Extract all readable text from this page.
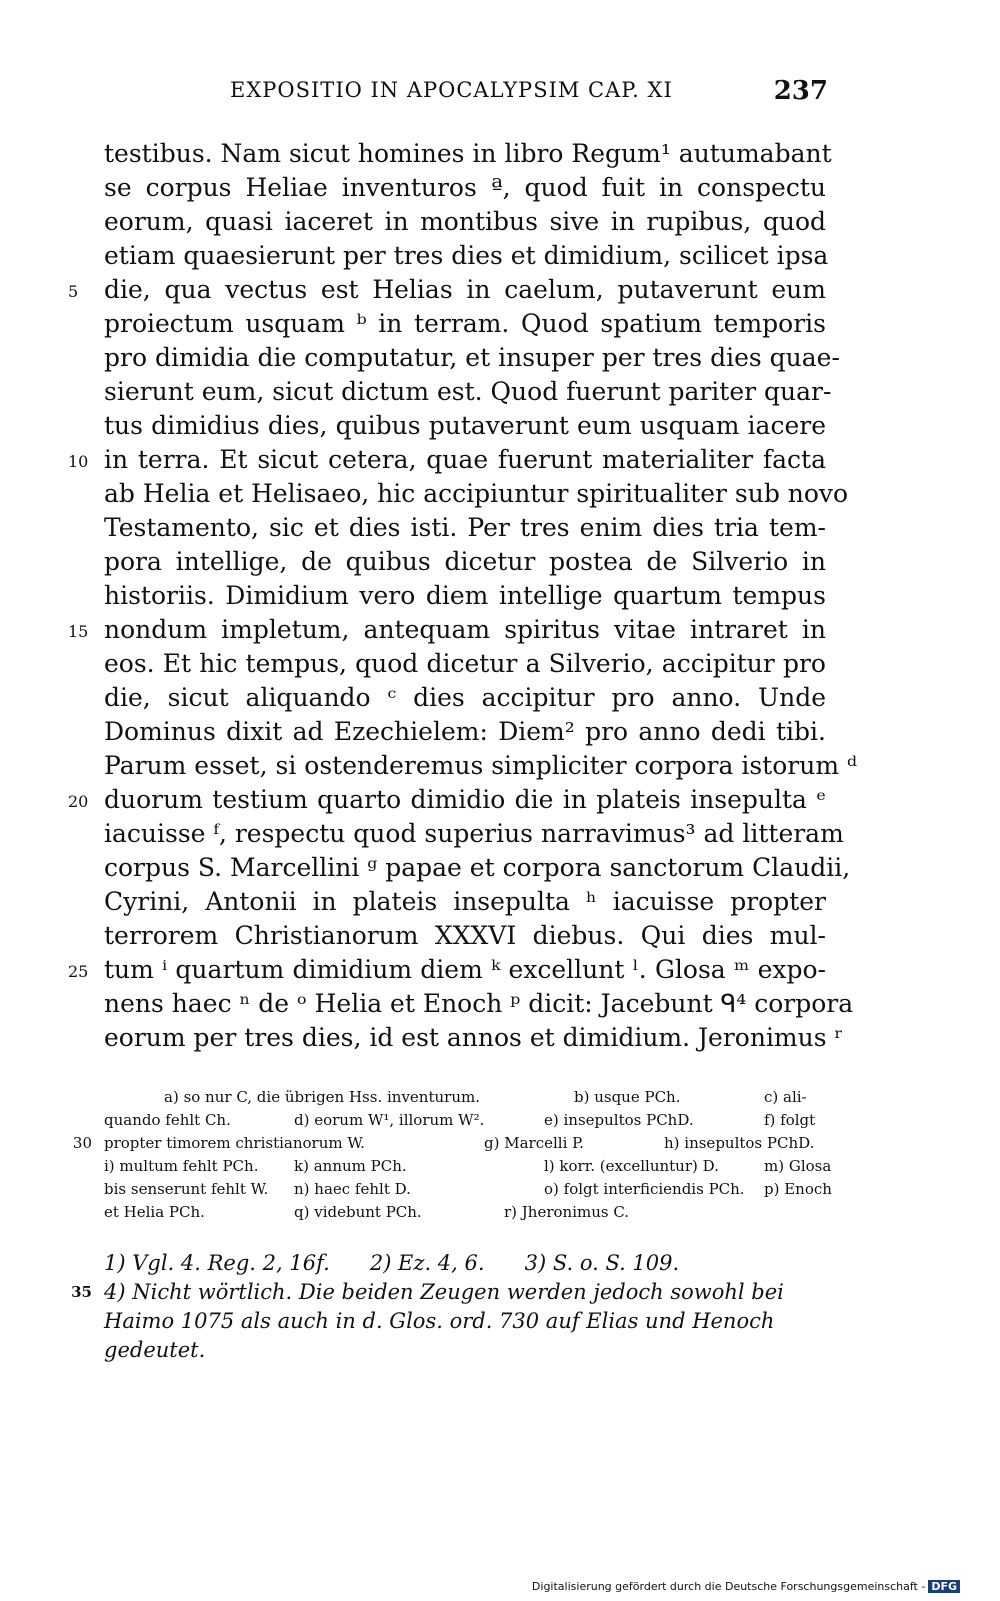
EXPOSITIO IN APOCALYPSIM CAP. XI	237
testibus. Nam sicut homines in libro Regum¹ autumabant
se corpus Heliae inventuros ª, quod fuit in conspectu
eorum, quasi iaceret in montibus sive in rupibus, quod
etiam quaesierunt per tres dies et dimidium, scilicet ipsa
5	die, qua vectus est Helias in caelum, putaverunt eum
proiectum usquam ᵇ in terram. Quod spatium temporis
pro dimidia die computatur, et insuper per tres dies quae-
sierunt eum, sicut dictum est. Quod fuerunt pariter quar-
tus dimidius dies, quibus putaverunt eum usquam iacere
10 in terra. Et sicut cetera, quae fuerunt materialiter facta
ab Helia et Helisaeo, hic accipiuntur spiritualiter sub novo
Testamento, sic et dies isti. Per tres enim dies tria tem-
pora intellige, de quibus dicetur postea de Silverio in
historiis. Dimidium vero diem intellige quartum tempus
15 nondum impletum, antequam spiritus vitae intraret in
eos. Et hic tempus, quod dicetur a Silverio, accipitur pro
die, sicut aliquando ᶜ dies accipitur pro anno. Unde
Dominus dixit ad Ezechielem: Diem² pro anno dedi tibi.
Parum esset, si ostenderemus simpliciter corpora istorum ᵈ
20 duorum testium quarto dimidio die in plateis insepulta ᵉ
iacuisse ᶠ, respectu quod superius narravimus³ ad litteram
corpus S. Marcellini ᵍ papae et corpora sanctorum Claudii,
Cyrini, Antonii in plateis insepulta ʰ iacuisse propter
terrorem Christianorum XXXVI diebus. Qui dies mul-
25 tum ⁱ quartum dimidium diem ᵏ excellunt ˡ. Glosa ᵐ expo-
nens haec ⁿ de ᵒ Helia et Enoch ᵖ dicit: Jacebunt ᑫ⁴ corpora
eorum per tres dies, id est annos et dimidium. Jeronimus ʳ
a) so nur C, die übrigen Hss. inventurum.	b) usque PCh.	c) ali-
quando fehlt Ch.	d) eorum W¹, illorum W².	e) insepultos PChD.	f) folgt
30 propter timorem christianorum W.	g) Marcelli P.	h) insepultos PChD.
i) multum fehlt PCh. k) annum PCh.	l) korr. (excelluntur) D.	m) Glosa
bis senserunt fehlt W. n) haec fehlt D.	o) folgt interficiendis PCh. p) Enoch
et Helia PCh.	q) videbunt PCh.	r) Jheronimus C.
1) Vgl. 4. Reg. 2, 16f.      2) Ez. 4, 6.      3) S. o. S. 109.
35 4) Nicht wörtlich. Die beiden Zeugen werden jedoch sowohl bei
Haimo 1075 als auch in d. Glos. ord. 730 auf Elias und Henoch
gedeutet.
Digitalisierung gefördert durch die Deutsche Forschungsgemeinschaft - DFG
